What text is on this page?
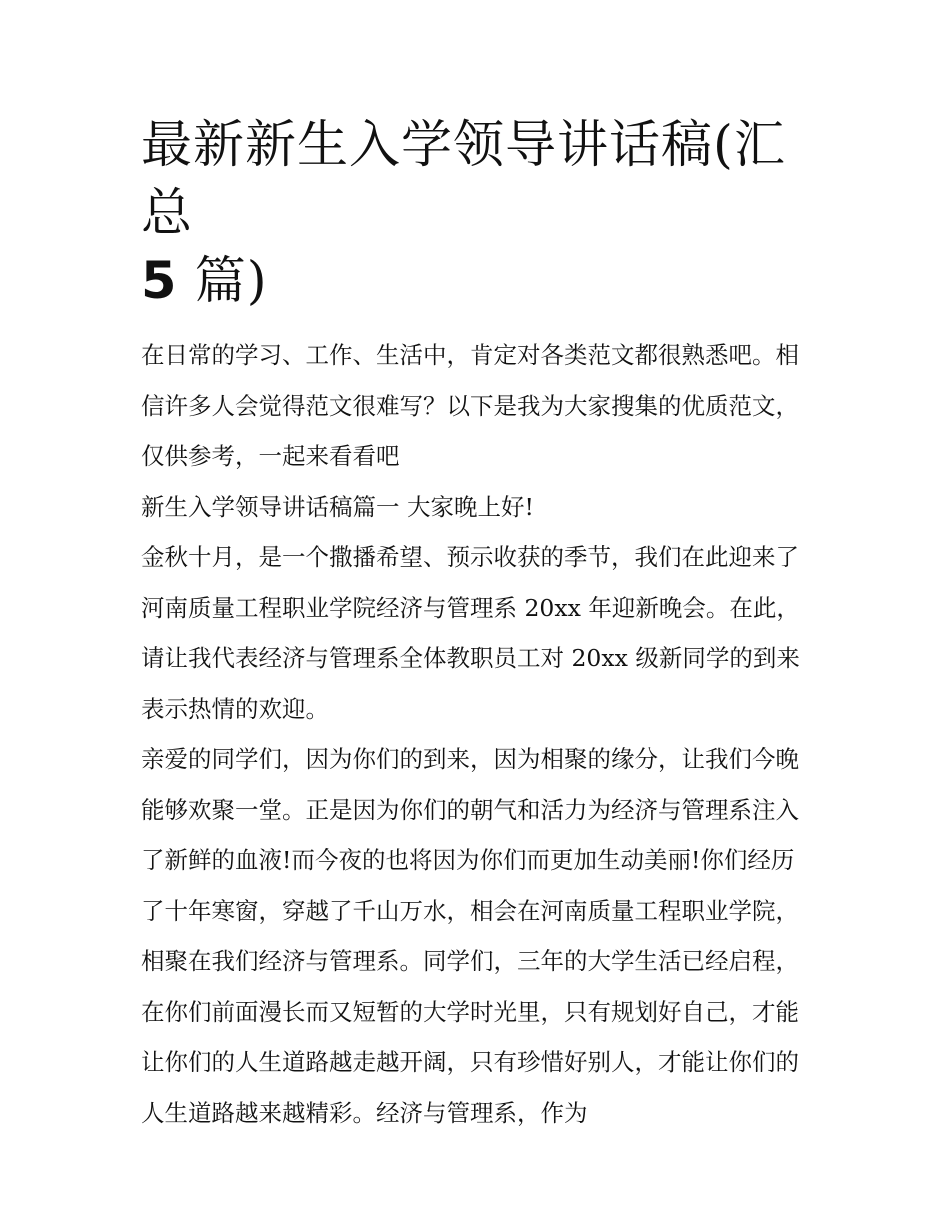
最新新生入学领导讲话稿(汇总
5 篇)

在日常的学习、工作、生活中，肯定对各类范文都很熟悉吧。相信许多人会觉得范文很难写？以下是我为大家搜集的优质范文，仅供参考，一起来看看吧

新生入学领导讲话稿篇一 大家晚上好!

金秋十月，是一个撒播希望、预示收获的季节，我们在此迎来了河南质量工程职业学院经济与管理系 20xx 年迎新晚会。在此，请让我代表经济与管理系全体教职员工对 20xx 级新同学的到来表示热情的欢迎。

亲爱的同学们，因为你们的到来，因为相聚的缘分，让我们今晚能够欢聚一堂。正是因为你们的朝气和活力为经济与管理系注入了新鲜的血液!而今夜的也将因为你们而更加生动美丽!你们经历了十年寒窗，穿越了千山万水，相会在河南质量工程职业学院，相聚在我们经济与管理系。同学们，三年的大学生活已经启程，在你们前面漫长而又短暂的大学时光里，只有规划好自己，才能让你们的人生道路越走越开阔，只有珍惜好别人，才能让你们的人生道路越来越精彩。经济与管理系，作为
